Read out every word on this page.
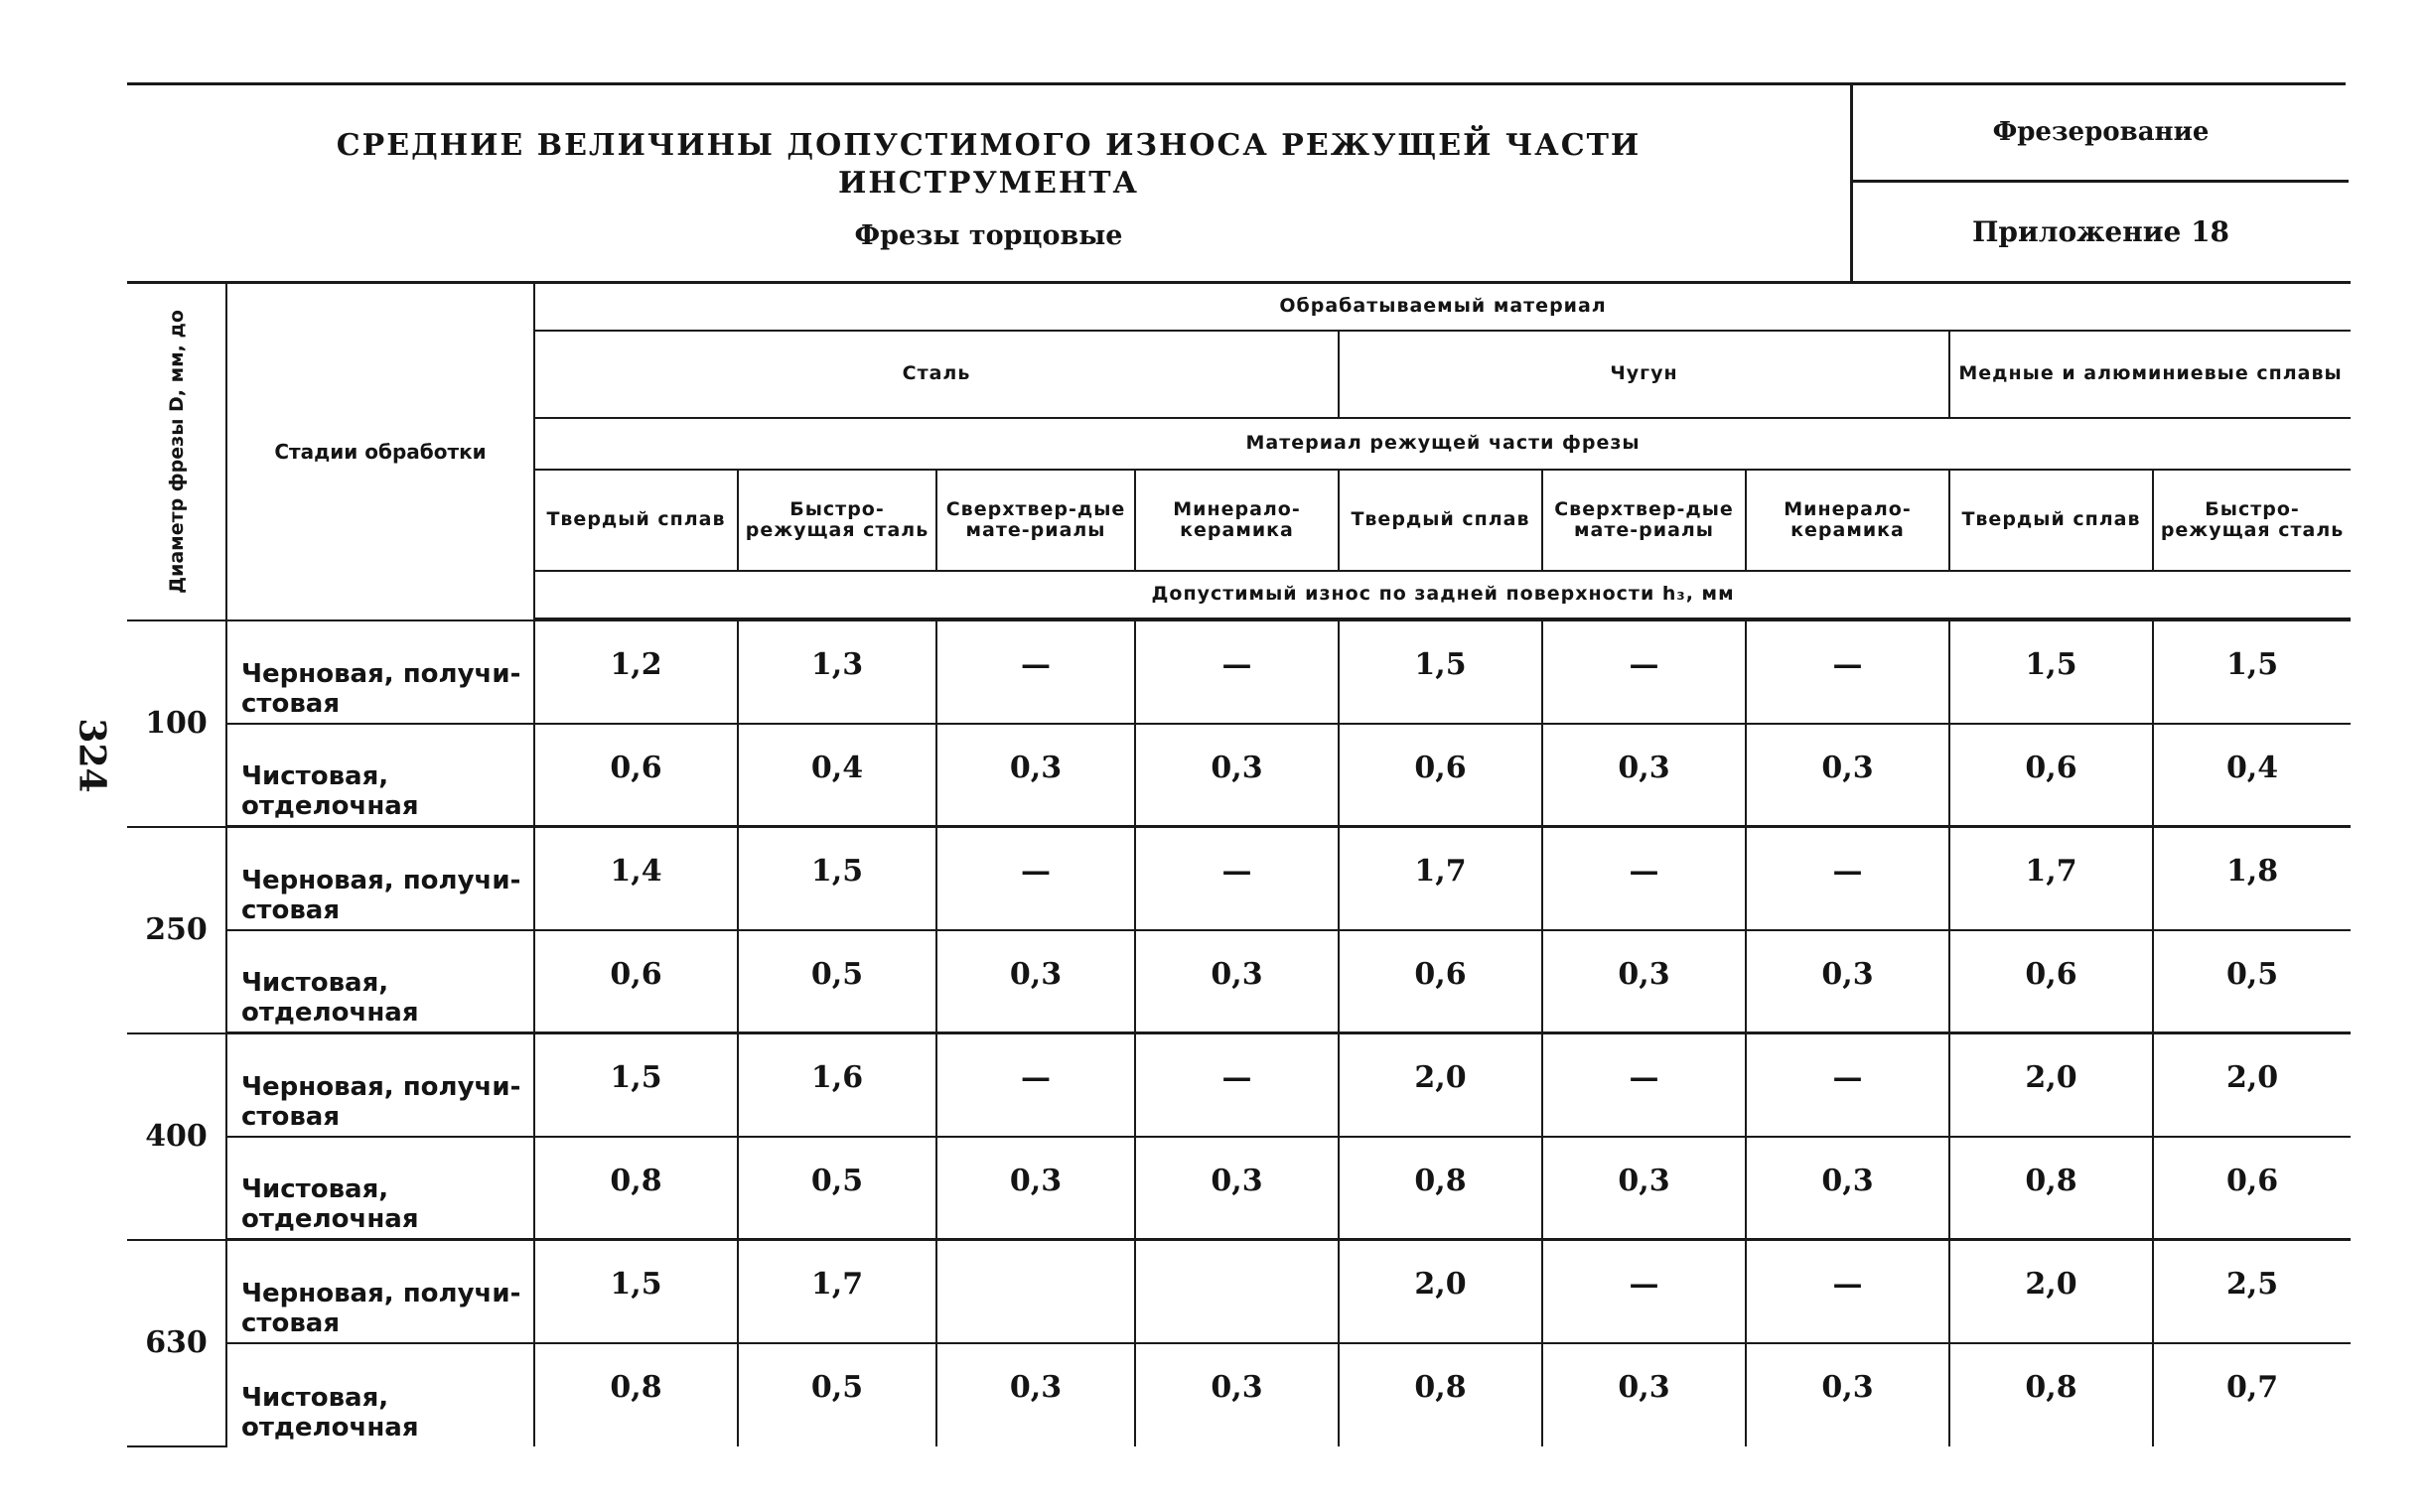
324
СРЕДНИЕ ВЕЛИЧИНЫ ДОПУСТИМОГО ИЗНОСА РЕЖУЩЕЙ ЧАСТИ ИНСТРУМЕНТА
Фрезы торцовые
Фрезерование
Приложение 18
Диаметр фрезы D, мм, до	Стадии обработки	Обрабатываемый материал								
		Сталь				Чугун			Медные и алюминиевые сплавы	
		Материал режущей части фрезы								
		Твердый сплав	Быстро-режущая сталь	Сверхтвер-дые мате-риалы	Минерало-керамика	Твердый сплав	Сверхтвер-дые мате-риалы	Минерало-керамика	Твердый сплав	Быстро-режущая сталь
		Допустимый износ по задней поверхности h₃, мм								

100	Черновая, получи-стовая	1,2	1,3	—	—	1,5	—	—	1,5	1,5
	Чистовая, отделочная	0,6	0,4	0,3	0,3	0,6	0,3	0,3	0,6	0,4
250	Черновая, получи-стовая	1,4	1,5	—	—	1,7	—	—	1,7	1,8
	Чистовая, отделочная	0,6	0,5	0,3	0,3	0,6	0,3	0,3	0,6	0,5
400	Черновая, получи-стовая	1,5	1,6	—	—	2,0	—	—	2,0	2,0
	Чистовая, отделочная	0,8	0,5	0,3	0,3	0,8	0,3	0,3	0,8	0,6
630	Черновая, получи-стовая	1,5	1,7			2,0	—	—	2,0	2,5
	Чистовая, отделочная	0,8	0,5	0,3	0,3	0,8	0,3	0,3	0,8	0,7
